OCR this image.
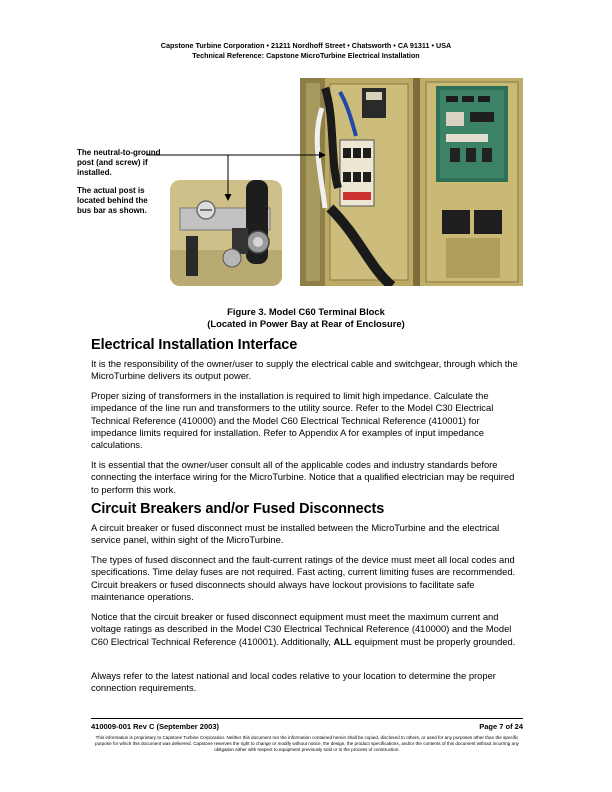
Capstone Turbine Corporation • 21211 Nordhoff Street • Chatsworth • CA 91311 • USA
Technical Reference: Capstone MicroTurbine Electrical Installation
The neutral-to-ground post (and screw) if installed.
The actual post is located behind the bus bar as shown.
Figure 3. Model C60 Terminal Block
(Located in Power Bay at Rear of Enclosure)
Electrical Installation Interface

It is the responsibility of the owner/user to supply the electrical cable and switchgear, through which the MicroTurbine delivers its output power.

Proper sizing of transformers in the installation is required to limit high impedance. Calculate the impedance of the line run and transformers to the utility source. Refer to the Model C30 Electrical Technical Reference (410000) and the Model C60 Electrical Technical Reference (410001) for impedance limits required for installation. Refer to Appendix A for examples of input impedance calculations.

It is essential that the owner/user consult all of the applicable codes and industry standards before connecting the interface wiring for the MicroTurbine. Notice that a qualified electrician may be required to perform this work.

Circuit Breakers and/or Fused Disconnects

A circuit breaker or fused disconnect must be installed between the MicroTurbine and the electrical service panel, within sight of the MicroTurbine.

The types of fused disconnect and the fault-current ratings of the device must meet all local codes and specifications. Time delay fuses are not required. Fast acting, current limiting fuses are recommended. Circuit breakers or fused disconnects should always have lockout provisions to facilitate safe maintenance operations.

Notice that the circuit breaker or fused disconnect equipment must meet the maximum current and voltage ratings as described in the Model C30 Electrical Technical Reference (410000) and the Model C60 Electrical Technical Reference (410001). Additionally, ALL equipment must be properly grounded.

Always refer to the latest national and local codes relative to your location to determine the proper connection requirements.

410009-001 Rev C (September 2003)	Page 7 of 24
This information is proprietary to Capstone Turbine Corporation. Neither this document nor the information contained herein shall be copied, disclosed to others, or used for any purposes other than the specific purpose for which this document was delivered. Capstone reserves the right to change or modify without notice, the design, the product specifications, and/or the contents of this document without incurring any obligation either with respect to equipment previously sold or in the process of construction.
